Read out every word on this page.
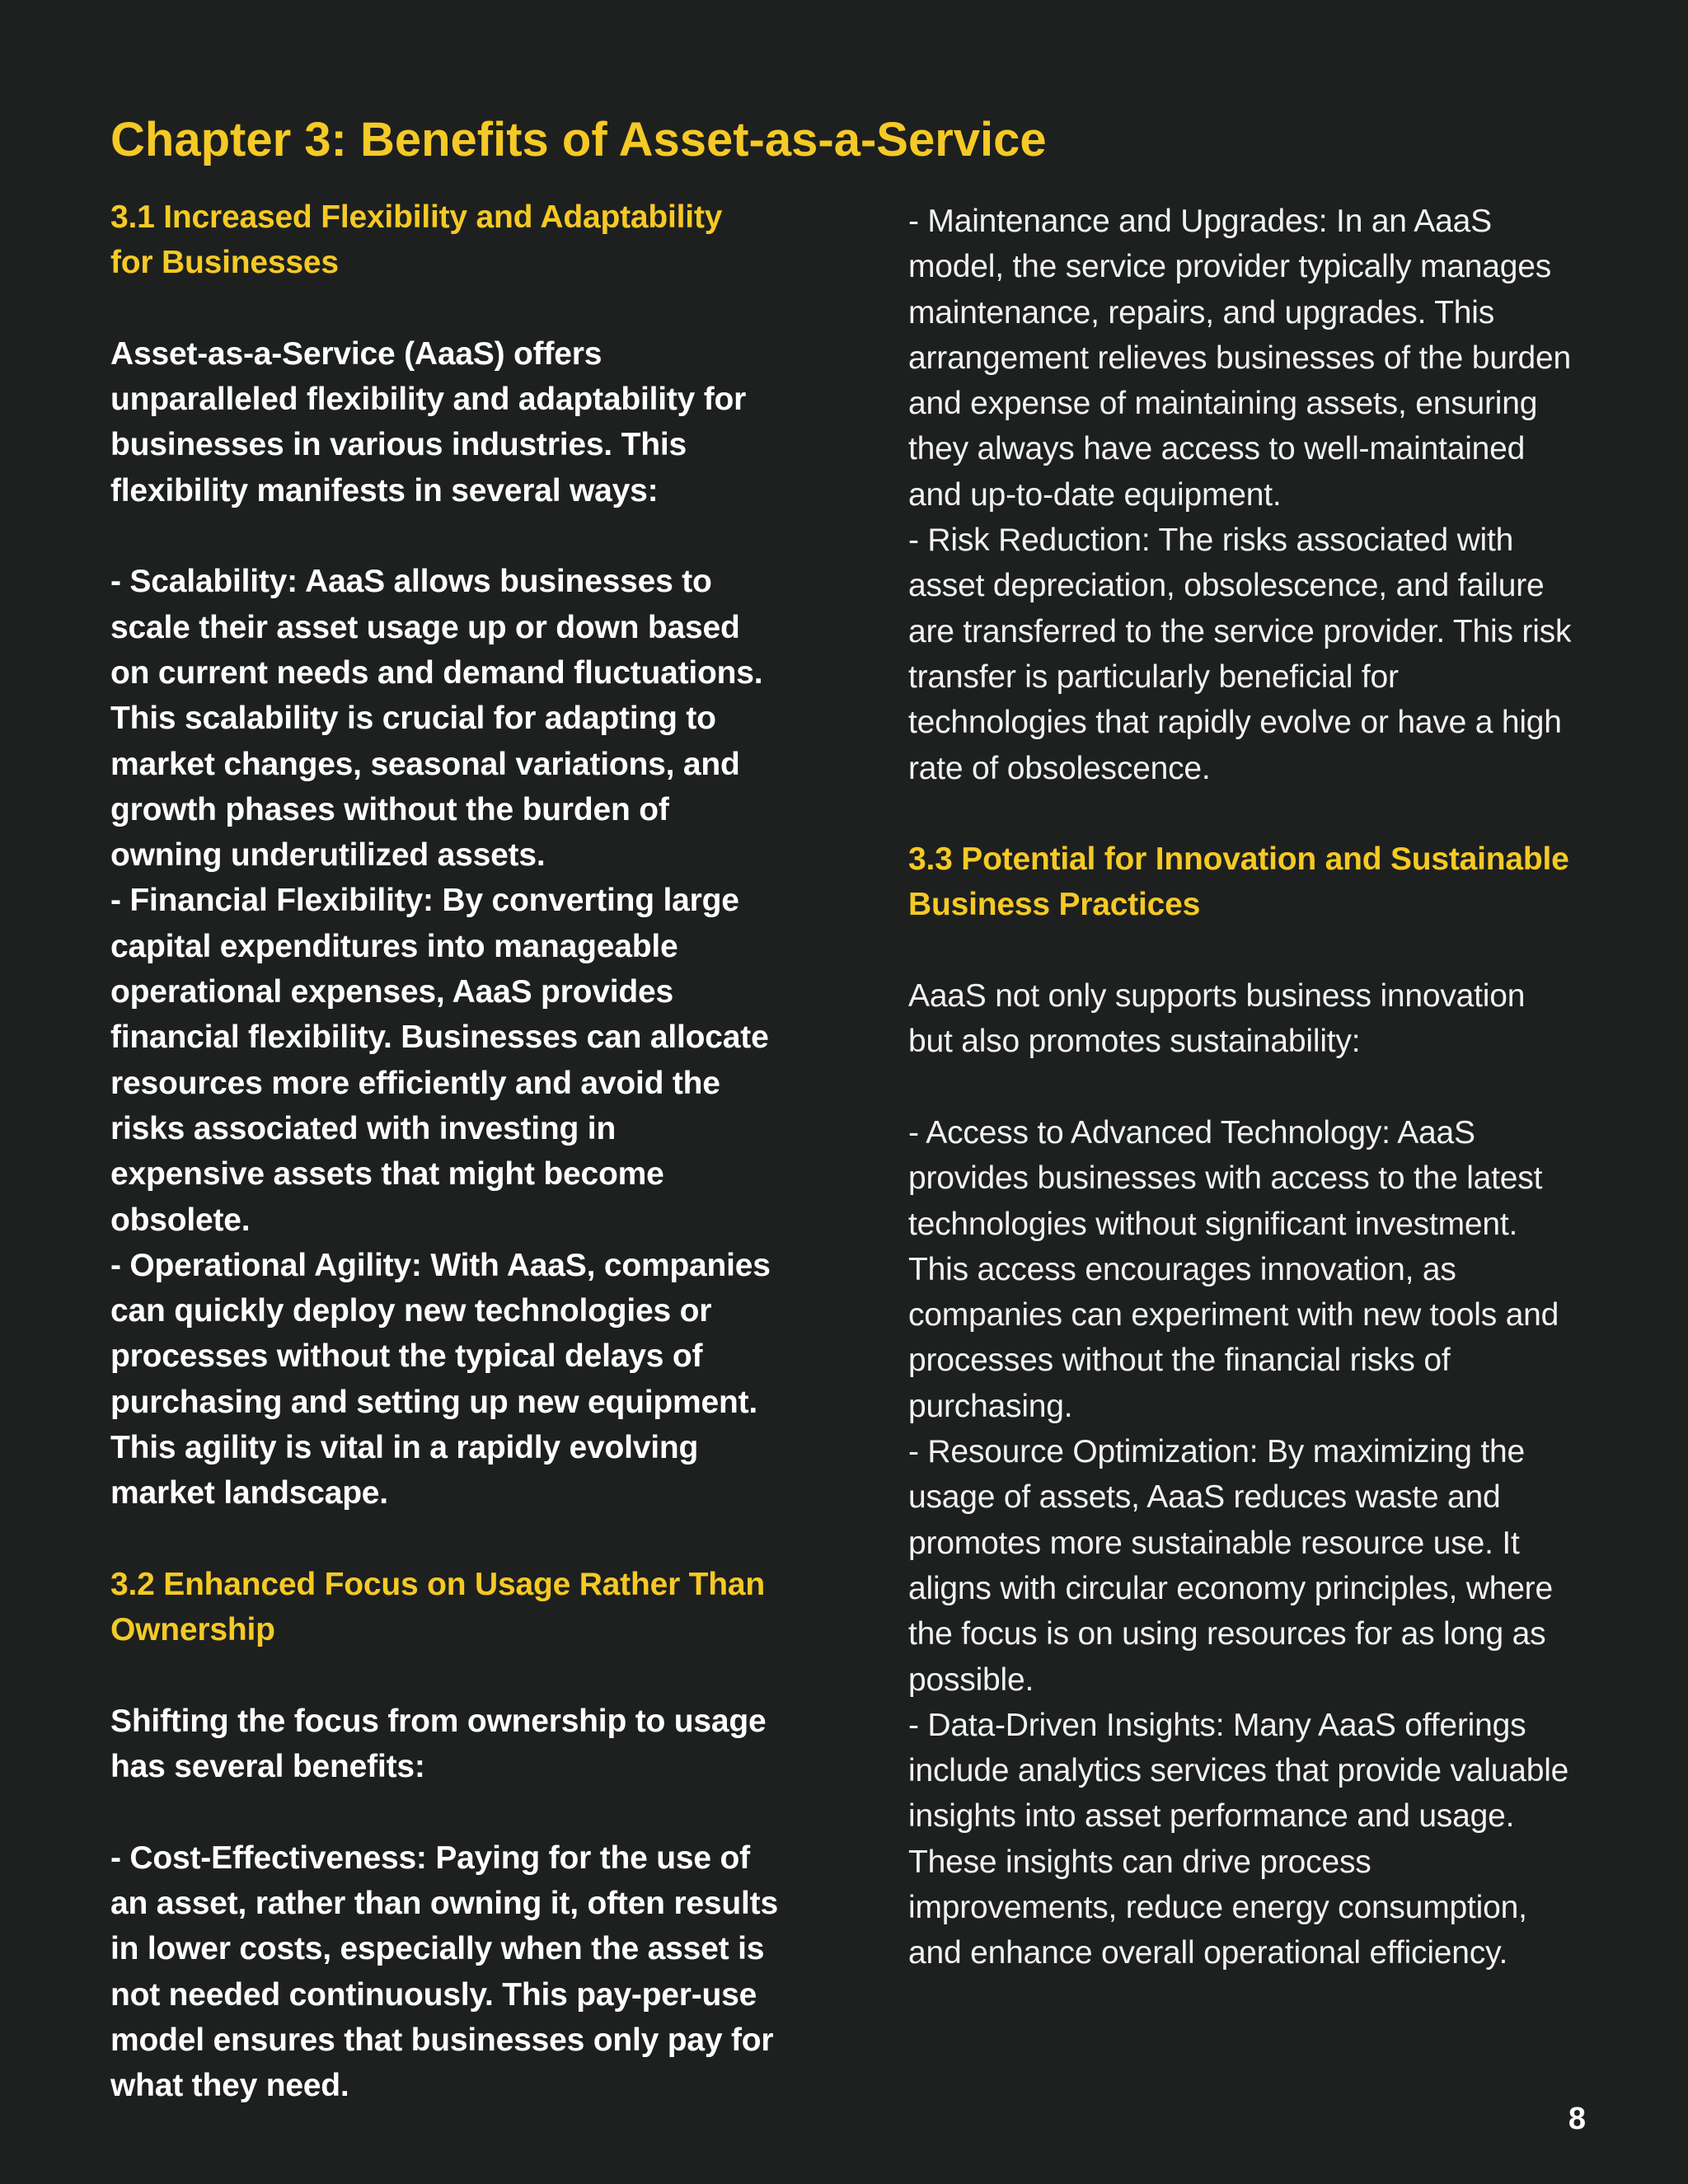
Chapter 3: Benefits of Asset-as-a-Service
3.1 Increased Flexibility and Adaptability
for Businesses
Asset-as-a-Service (AaaS) offers
unparalleled flexibility and adaptability for
businesses in various industries. This
flexibility manifests in several ways:
- Scalability: AaaS allows businesses to
scale their asset usage up or down based
on current needs and demand fluctuations.
This scalability is crucial for adapting to
market changes, seasonal variations, and
growth phases without the burden of
owning underutilized assets.
- Financial Flexibility: By converting large
capital expenditures into manageable
operational expenses, AaaS provides
financial flexibility. Businesses can allocate
resources more efficiently and avoid the
risks associated with investing in
expensive assets that might become
obsolete.
- Operational Agility: With AaaS, companies
can quickly deploy new technologies or
processes without the typical delays of
purchasing and setting up new equipment.
This agility is vital in a rapidly evolving
market landscape.
3.2 Enhanced Focus on Usage Rather Than
Ownership
Shifting the focus from ownership to usage
has several benefits:
- Cost-Effectiveness: Paying for the use of
an asset, rather than owning it, often results
in lower costs, especially when the asset is
not needed continuously. This pay-per-use
model ensures that businesses only pay for
what they need.
- Maintenance and Upgrades: In an AaaS
model, the service provider typically manages
maintenance, repairs, and upgrades. This
arrangement relieves businesses of the burden
and expense of maintaining assets, ensuring
they always have access to well-maintained
and up-to-date equipment.
- Risk Reduction: The risks associated with
asset depreciation, obsolescence, and failure
are transferred to the service provider. This risk
transfer is particularly beneficial for
technologies that rapidly evolve or have a high
rate of obsolescence.
3.3 Potential for Innovation and Sustainable
Business Practices
AaaS not only supports business innovation
but also promotes sustainability:
- Access to Advanced Technology: AaaS
provides businesses with access to the latest
technologies without significant investment.
This access encourages innovation, as
companies can experiment with new tools and
processes without the financial risks of
purchasing.
- Resource Optimization: By maximizing the
usage of assets, AaaS reduces waste and
promotes more sustainable resource use. It
aligns with circular economy principles, where
the focus is on using resources for as long as
possible.
- Data-Driven Insights: Many AaaS offerings
include analytics services that provide valuable
insights into asset performance and usage.
These insights can drive process
improvements, reduce energy consumption,
and enhance overall operational efficiency.
8
